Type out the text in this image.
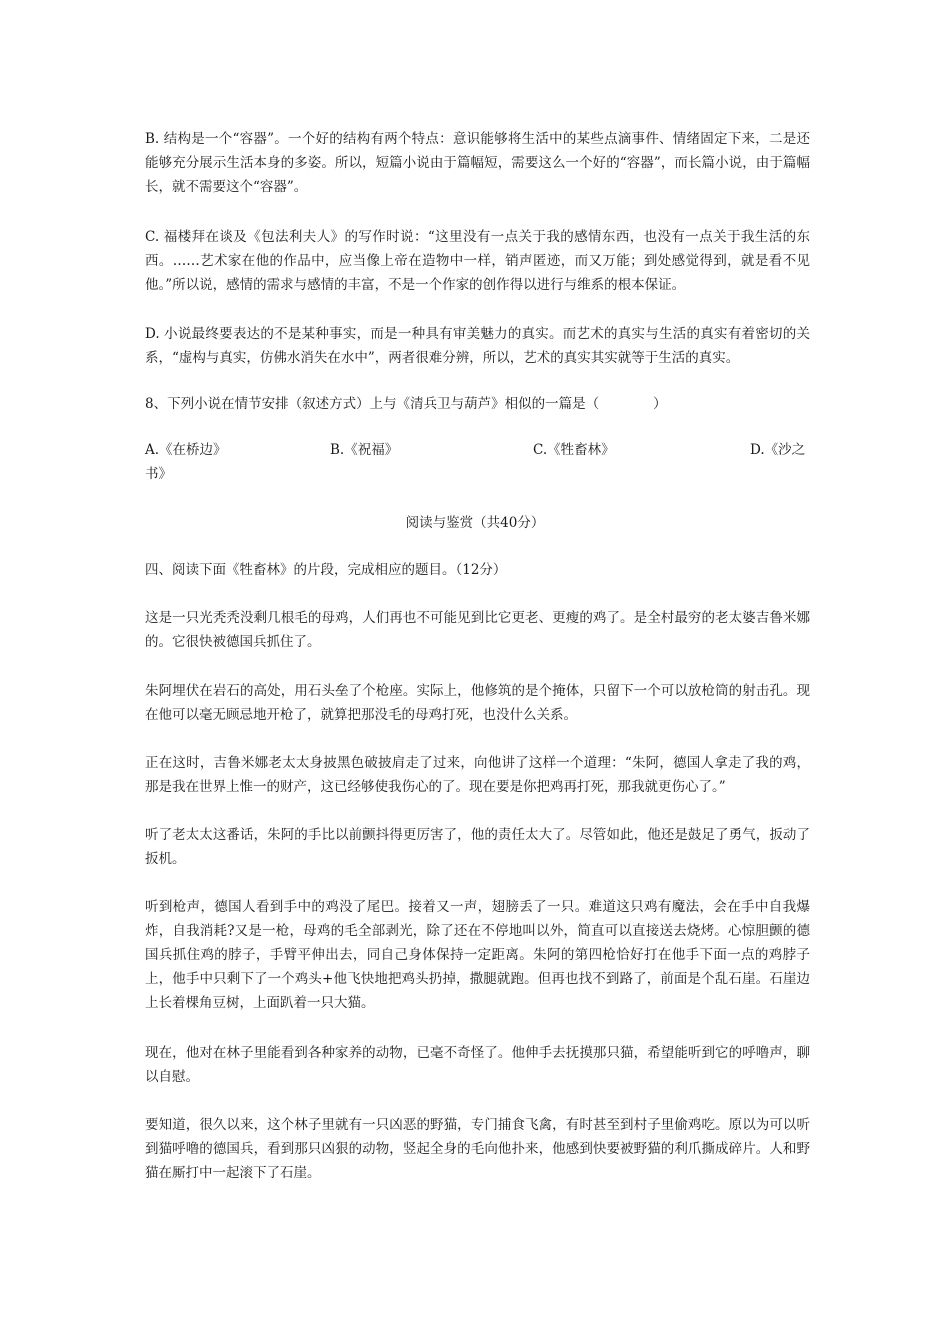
B. 结构是一个“容器”。一个好的结构有两个特点：意识能够将生活中的某些点滴事件、情绪固定下来，二是还能够充分展示生活本身的多姿。所以，短篇小说由于篇幅短，需要这么一个好的“容器”，而长篇小说，由于篇幅长，就不需要这个“容器”。

C. 福楼拜在谈及《包法利夫人》的写作时说：“这里没有一点关于我的感情东西，也没有一点关于我生活的东西。……艺术家在他的作品中，应当像上帝在造物中一样，销声匿迹，而又万能；到处感觉得到，就是看不见他。”所以说，感情的需求与感情的丰富，不是一个作家的创作得以进行与维系的根本保证。

D. 小说最终要表达的不是某种事实，而是一种具有审美魅力的真实。而艺术的真实与生活的真实有着密切的关系，“虚构与真实，仿佛水消失在水中”，两者很难分辨，所以，艺术的真实其实就等于生活的真实。

8、下列小说在情节安排（叙述方式）上与《清兵卫与葫芦》相似的一篇是（　　　　）

A.《在桥边》	B.《祝福》	C.《牲畜林》	D.《沙之
书》

阅读与鉴赏（共40分）

四、阅读下面《牲畜林》的片段，完成相应的题目。（12分）

这是一只光秃秃没剩几根毛的母鸡，人们再也不可能见到比它更老、更瘦的鸡了。是全村最穷的老太婆吉鲁米娜的。它很快被德国兵抓住了。

朱阿埋伏在岩石的高处，用石头垒了个枪座。实际上，他修筑的是个掩体，只留下一个可以放枪筒的射击孔。现在他可以毫无顾忌地开枪了，就算把那没毛的母鸡打死，也没什么关系。

正在这时，吉鲁米娜老太太身披黑色破披肩走了过来，向他讲了这样一个道理：“朱阿，德国人拿走了我的鸡，那是我在世界上惟一的财产，这已经够使我伤心的了。现在要是你把鸡再打死，那我就更伤心了。”

听了老太太这番话，朱阿的手比以前颤抖得更厉害了，他的责任太大了。尽管如此，他还是鼓足了勇气，扳动了扳机。

听到枪声，德国人看到手中的鸡没了尾巴。接着又一声，翅膀丢了一只。难道这只鸡有魔法，会在手中自我爆炸，自我消耗?又是一枪，母鸡的毛全部剥光，除了还在不停地叫以外，简直可以直接送去烧烤。心惊胆颤的德国兵抓住鸡的脖子，手臂平伸出去，同自己身体保持一定距离。朱阿的第四枪恰好打在他手下面一点的鸡脖子上，他手中只剩下了一个鸡头+他飞快地把鸡头扔掉，撒腿就跑。但再也找不到路了，前面是个乱石崖。石崖边上长着棵角豆树，上面趴着一只大猫。

现在，他对在林子里能看到各种家养的动物，已毫不奇怪了。他伸手去抚摸那只猫，希望能听到它的呼噜声，聊以自慰。

要知道，很久以来，这个林子里就有一只凶恶的野猫，专门捕食飞禽，有时甚至到村子里偷鸡吃。原以为可以听到猫呼噜的德国兵，看到那只凶狠的动物，竖起全身的毛向他扑来，他感到快要被野猫的利爪撕成碎片。人和野猫在厮打中一起滚下了石崖。
